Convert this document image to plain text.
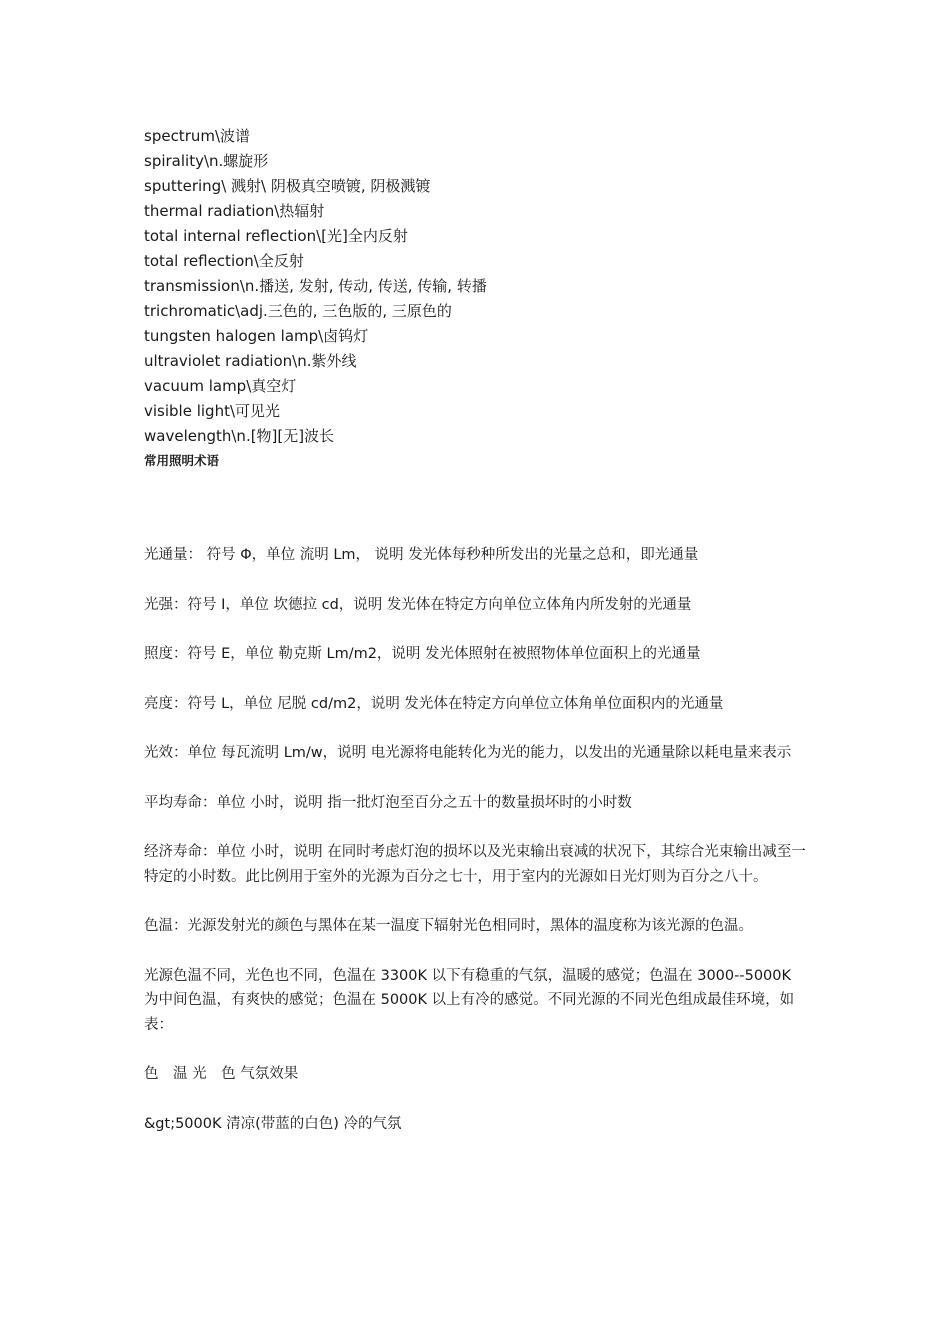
spectrum\波谱
spirality\n.螺旋形
sputtering\ 溅射\ 阴极真空喷镀, 阴极溅镀
thermal radiation\热辐射
total internal reflection\[光]全内反射
total reflection\全反射
transmission\n.播送, 发射, 传动, 传送, 传输, 转播
trichromatic\adj.三色的, 三色版的, 三原色的
tungsten halogen lamp\卤钨灯
ultraviolet radiation\n.紫外线
vacuum lamp\真空灯
visible light\可见光
wavelength\n.[物][无]波长
常用照明术语

光通量： 符号 Φ，单位 流明 Lm， 说明 发光体每秒种所发出的光量之总和，即光通量

光强：符号 I，单位 坎德拉 cd，说明 发光体在特定方向单位立体角内所发射的光通量

照度：符号 E，单位 勒克斯 Lm/m2，说明 发光体照射在被照物体单位面积上的光通量

亮度：符号 L，单位 尼脱 cd/m2，说明 发光体在特定方向单位立体角单位面积内的光通量

光效：单位 每瓦流明 Lm/w，说明 电光源将电能转化为光的能力，以发出的光通量除以耗电量来表示

平均寿命：单位 小时，说明 指一批灯泡至百分之五十的数量损坏时的小时数

经济寿命：单位 小时，说明 在同时考虑灯泡的损坏以及光束输出衰减的状况下，其综合光束输出减至一特定的小时数。此比例用于室外的光源为百分之七十，用于室内的光源如日光灯则为百分之八十。

色温：光源发射光的颜色与黑体在某一温度下辐射光色相同时，黑体的温度称为该光源的色温。

光源色温不同，光色也不同，色温在 3300K 以下有稳重的气氛，温暖的感觉；色温在 3000--5000K 为中间色温，有爽快的感觉；色温在 5000K 以上有冷的感觉。不同光源的不同光色组成最佳环境，如表：

色　温 光　色 气氛效果

&gt;5000K 清凉(带蓝的白色) 冷的气氛
